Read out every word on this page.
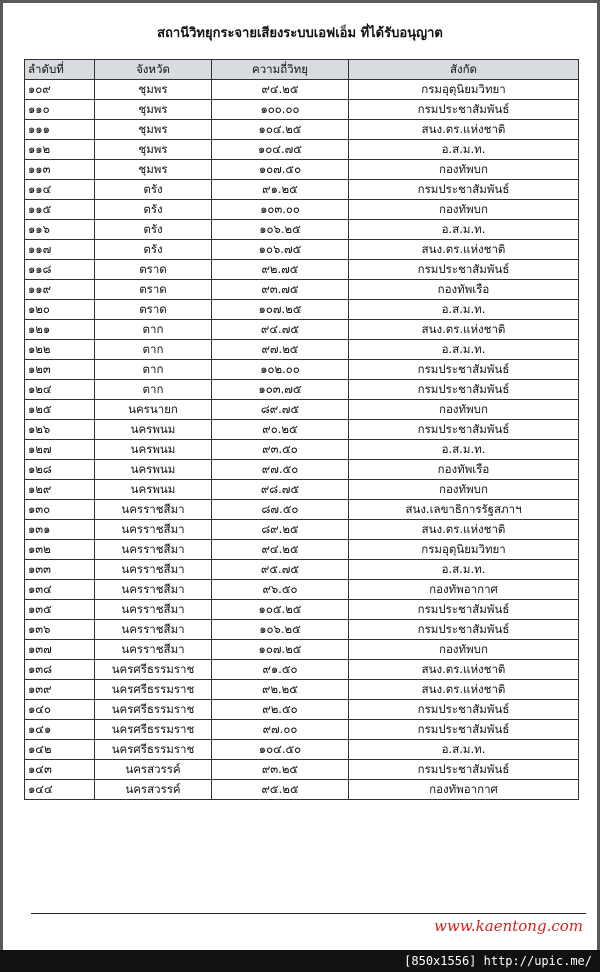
สถานีวิทยุกระจายเสียงระบบเอฟเอ็ม ที่ได้รับอนุญาต
ลำดับที่	จังหวัด	ความถี่วิทยุ	สังกัด
๑๐๙	ชุมพร	๙๔.๒๕	กรมอุตุนิยมวิทยา
๑๑๐	ชุมพร	๑๐๐.๐๐	กรมประชาสัมพันธ์
๑๑๑	ชุมพร	๑๐๔.๒๕	สนง.ตร.แห่งชาติ
๑๑๒	ชุมพร	๑๐๔.๗๕	อ.ส.ม.ท.
๑๑๓	ชุมพร	๑๐๗.๕๐	กองทัพบก
๑๑๔	ตรัง	๙๑.๒๕	กรมประชาสัมพันธ์
๑๑๕	ตรัง	๑๐๓.๐๐	กองทัพบก
๑๑๖	ตรัง	๑๐๖.๒๕	อ.ส.ม.ท.
๑๑๗	ตรัง	๑๐๖.๗๕	สนง.ตร.แห่งชาติ
๑๑๘	ตราด	๙๒.๗๕	กรมประชาสัมพันธ์
๑๑๙	ตราด	๙๓.๗๕	กองทัพเรือ
๑๒๐	ตราด	๑๐๗.๒๕	อ.ส.ม.ท.
๑๒๑	ตาก	๙๔.๗๕	สนง.ตร.แห่งชาติ
๑๒๒	ตาก	๙๗.๒๕	อ.ส.ม.ท.
๑๒๓	ตาก	๑๐๒.๐๐	กรมประชาสัมพันธ์
๑๒๔	ตาก	๑๐๓.๗๕	กรมประชาสัมพันธ์
๑๒๕	นครนายก	๘๙.๗๕	กองทัพบก
๑๒๖	นครพนม	๙๐.๒๕	กรมประชาสัมพันธ์
๑๒๗	นครพนม	๙๓.๕๐	อ.ส.ม.ท.
๑๒๘	นครพนม	๙๗.๕๐	กองทัพเรือ
๑๒๙	นครพนม	๙๘.๗๕	กองทัพบก
๑๓๐	นครราชสีมา	๘๗.๕๐	สนง.เลขาธิการรัฐสภาฯ
๑๓๑	นครราชสีมา	๘๙.๒๕	สนง.ตร.แห่งชาติ
๑๓๒	นครราชสีมา	๙๔.๒๕	กรมอุตุนิยมวิทยา
๑๓๓	นครราชสีมา	๙๕.๗๕	อ.ส.ม.ท.
๑๓๔	นครราชสีมา	๙๖.๕๐	กองทัพอากาศ
๑๓๕	นครราชสีมา	๑๐๕.๒๕	กรมประชาสัมพันธ์
๑๓๖	นครราชสีมา	๑๐๖.๒๕	กรมประชาสัมพันธ์
๑๓๗	นครราชสีมา	๑๐๗.๒๕	กองทัพบก
๑๓๘	นครศรีธรรมราช	๙๑.๕๐	สนง.ตร.แห่งชาติ
๑๓๙	นครศรีธรรมราช	๙๒.๒๕	สนง.ตร.แห่งชาติ
๑๔๐	นครศรีธรรมราช	๙๒.๕๐	กรมประชาสัมพันธ์
๑๔๑	นครศรีธรรมราช	๙๗.๐๐	กรมประชาสัมพันธ์
๑๔๒	นครศรีธรรมราช	๑๐๔.๕๐	อ.ส.ม.ท.
๑๔๓	นครสวรรค์	๙๓.๒๕	กรมประชาสัมพันธ์
๑๔๔	นครสวรรค์	๙๕.๒๕	กองทัพอากาศ
www.kaentong.com
[850x1556] http://upic.me/
